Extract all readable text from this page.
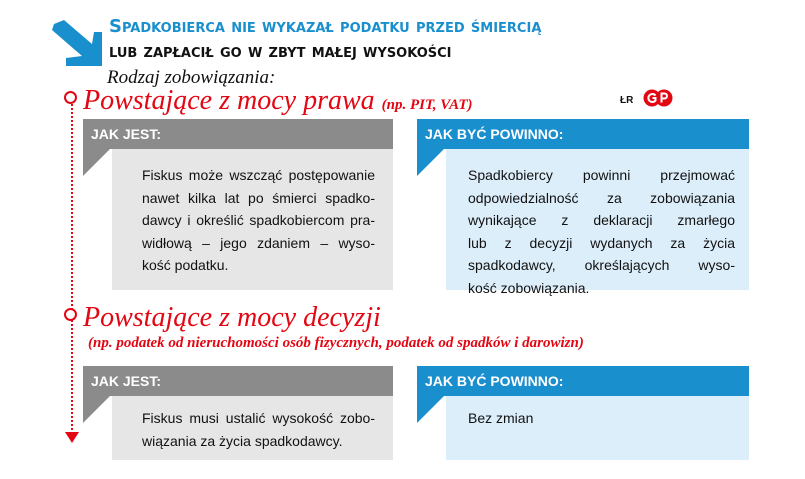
Spadkobierca nie wykazał podatku przed śmiercią
lub zapłacił go w zbyt małej wysokości
Rodzaj zobowiązania:
Powstające z mocy prawa (np. PIT, VAT)	ŁR
JAK JEST:
Fiskus może wszcząć postępowanie
nawet kilka lat po śmierci spadko-
dawcy i określić spadkobiercom pra-
widłową – jego zdaniem – wyso-
kość podatku.
JAK BYĆ POWINNO:
Spadkobiercy powinni przejmować
odpowiedzialność za zobowiązania
wynikające z deklaracji zmarłego
lub z decyzji wydanych za życia
spadkodawcy, określających wyso-
kość zobowiązania.
Powstające z mocy decyzji
(np. podatek od nieruchomości osób fizycznych, podatek od spadków i darowizn)
JAK JEST:
Fiskus musi ustalić wysokość zobo-
wiązania za życia spadkodawcy.
JAK BYĆ POWINNO:
Bez zmian
